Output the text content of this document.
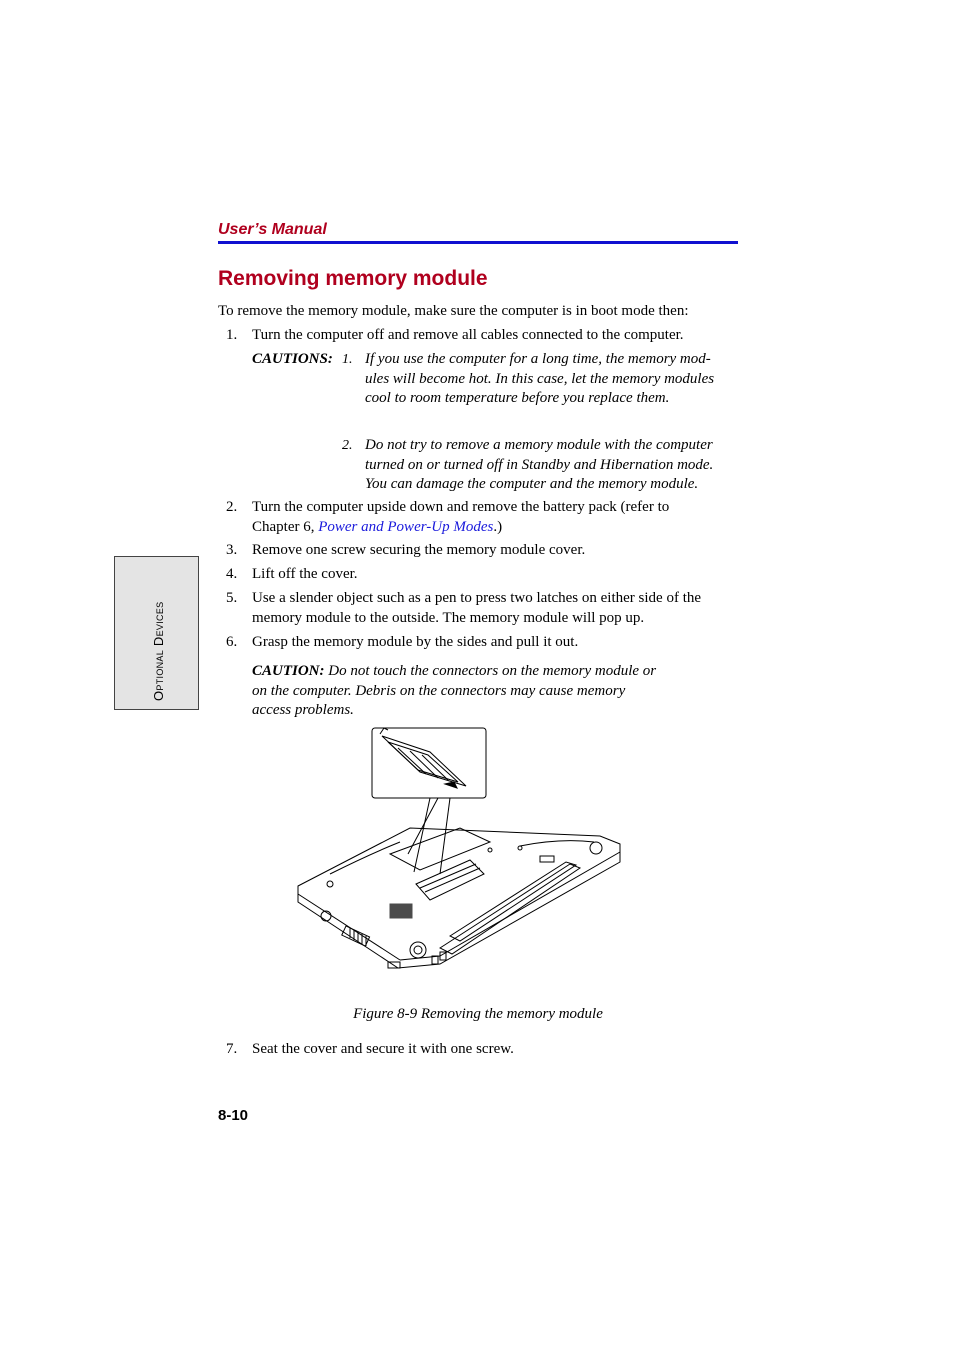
User’s Manual
Removing memory module
To remove the memory module, make sure the computer is in boot mode then:
1. Turn the computer off and remove all cables connected to the computer.
CAUTIONS: 1. If you use the computer for a long time, the memory mod-
ules will become hot. In this case, let the memory modules
cool to room temperature before you replace them.
2. Do not try to remove a memory module with the computer
turned on or turned off in Standby and Hibernation mode.
You can damage the computer and the memory module.
2. Turn the computer upside down and remove the battery pack (refer to Chapter 6, Power and Power-Up Modes.)
3. Remove one screw securing the memory module cover.
4. Lift off the cover.
5. Use a slender object such as a pen to press two latches on either side of the memory module to the outside. The memory module will pop up.
6. Grasp the memory module by the sides and pull it out.
CAUTION: Do not touch the connectors on the memory module or
on the computer. Debris on the connectors may cause memory
access problems.
Optional Devices
Figure 8-9 Removing the memory module
7. Seat the cover and secure it with one screw.
8-10
